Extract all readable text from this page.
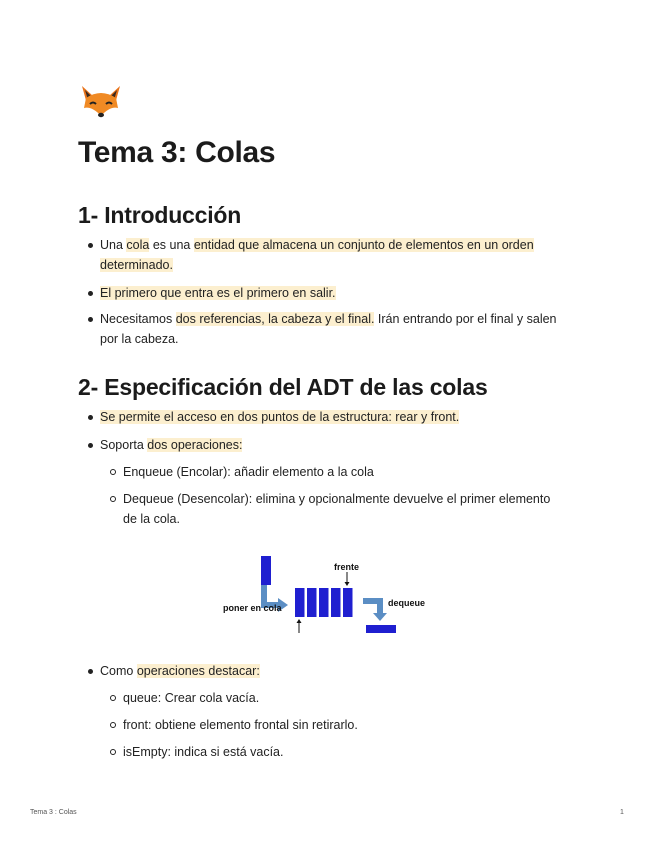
Tema 3: Colas
1- Introducción
Una cola es una entidad que almacena un conjunto de elementos en un orden
determinado.
El primero que entra es el primero en salir.
Necesitamos dos referencias, la cabeza y el final. Irán entrando por el final y salen
por la cabeza.
2- Especificación del ADT de las colas
Se permite el acceso en dos puntos de la estructura: rear y front.
Soporta dos operaciones:
Enqueue (Encolar): añadir elemento a la cola
Dequeue (Desencolar): elimina y opcionalmente devuelve el primer elemento
de la cola.
frente
poner en cola	dequeue
Como operaciones destacar:
queue: Crear cola vacía.
front: obtiene elemento frontal sin retirarlo.
isEmpty: indica si está vacía.
Tema 3 : Colas	1
